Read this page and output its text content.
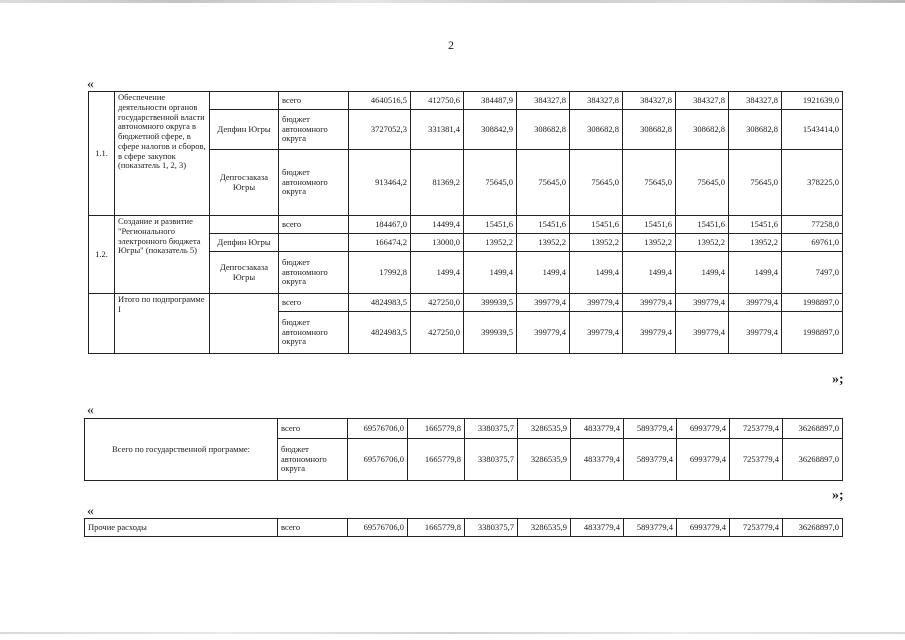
2
«
1.1.	Обеспечение деятельности органов государственной власти автономного округа в бюджетной сфере, в сфере налогов и сборов, в сфере закупок (показатель 1, 2, 3)		всего	4640516,5	412750,6	384487,9	384327,8	384327,8	384327,8	384327,8	384327,8	1921639,0
		Депфин Югры	бюджет автономного округа	3727052,3	331381,4	308842,9	308682,8	308682,8	308682,8	308682,8	308682,8	1543414,0
		Депгосзаказа Югры	бюджет автономного округа	913464,2	81369,2	75645,0	75645,0	75645,0	75645,0	75645,0	75645,0	378225,0
1.2.	Создание и развитие "Регионального электронного бюджета Югры" (показатель 5)		всего	184467,0	14499,4	15451,6	15451,6	15451,6	15451,6	15451,6	15451,6	77258,0
		Депфин Югры		166474,2	13000,0	13952,2	13952,2	13952,2	13952,2	13952,2	13952,2	69761,0
		Депгосзаказа Югры	бюджет автономного округа	17992,8	1499,4	1499,4	1499,4	1499,4	1499,4	1499,4	1499,4	7497,0
	Итого по подпрограмме I		всего	4824983,5	427250,0	399939,5	399779,4	399779,4	399779,4	399779,4	399779,4	1998897,0
			бюджет автономного округа	4824983,5	427250,0	399939,5	399779,4	399779,4	399779,4	399779,4	399779,4	1998897,0
»;
«
Всего по государственной программе:	всего	69576706,0	1665779,8	3380375,7	3286535,9	4833779,4	5893779,4	6993779,4	7253779,4	36268897,0
	бюджет автономного округа	69576706,0	1665779,8	3380375,7	3286535,9	4833779,4	5893779,4	6993779,4	7253779,4	36268897,0
»;
«
Прочие расходы	всего	69576706,0	1665779,8	3380375,7	3286535,9	4833779,4	5893779,4	6993779,4	7253779,4	36268897,0
